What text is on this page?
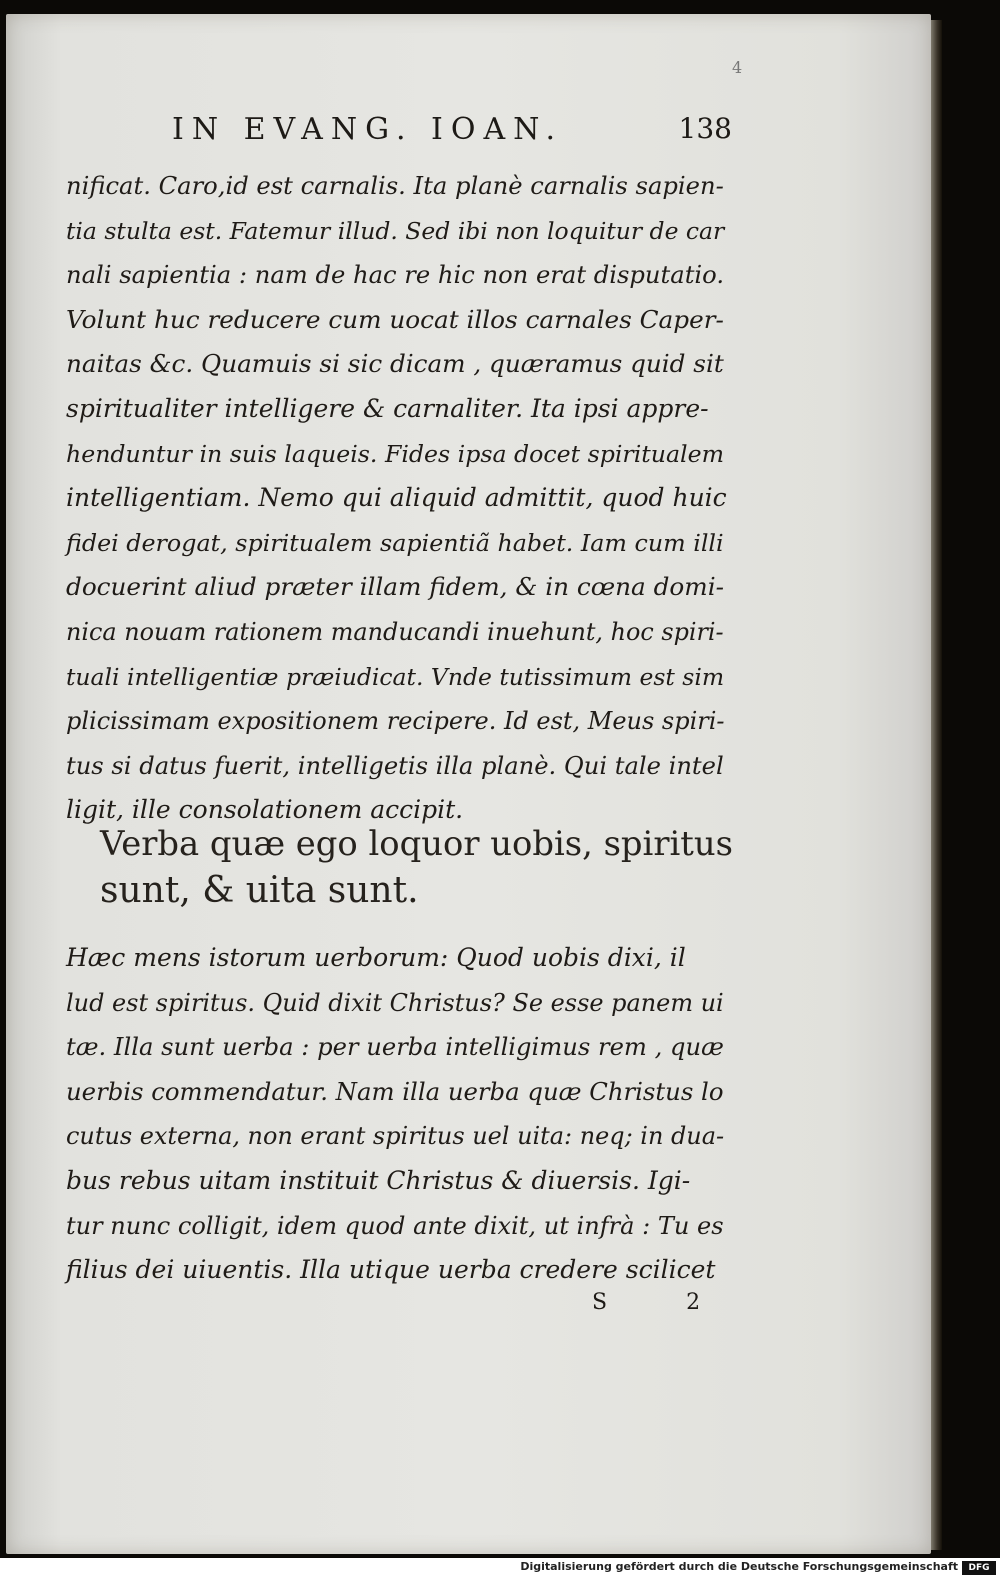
4
IN EVANG. IOAN.	138
nificat. Caro,id est carnalis. Ita planè carnalis sapien-
tia stulta est. Fatemur illud. Sed ibi non loquitur de car
nali sapientia : nam de hac re hic non erat disputatio.
Volunt huc reducere cum uocat illos carnales Caper-
naitas &c. Quamuis si sic dicam , quæramus quid sit
spiritualiter intelligere & carnaliter. Ita ipsi appre-
henduntur in suis laqueis. Fides ipsa docet spiritualem
intelligentiam. Nemo qui aliquid admittit, quod huic
fidei derogat, spiritualem sapientiã habet. Iam cum illi
docuerint aliud præter illam fidem, & in cœna domi-
nica nouam rationem manducandi inuehunt, hoc spiri-
tuali intelligentiæ præiudicat. Vnde tutissimum est sim
plicissimam expositionem recipere. Id est, Meus spiri-
tus si datus fuerit, intelligetis illa planè. Qui tale intel
ligit, ille consolationem accipit.
Verba quæ ego loquor uobis, spiritus
sunt, & uita sunt.
Hæc mens istorum uerborum: Quod uobis dixi, il
lud est spiritus. Quid dixit Christus? Se esse panem ui
tæ. Illa sunt uerba : per uerba intelligimus rem , quæ
uerbis commendatur. Nam illa uerba quæ Christus lo
cutus externa, non erant spiritus uel uita: neq; in dua-
bus rebus uitam instituit Christus & diuersis. Igi-
tur nunc colligit, idem quod ante dixit, ut infrà : Tu es
filius dei uiuentis. Illa utique uerba credere scilicet
S 2
Digitalisierung gefördert durch die Deutsche Forschungsgemeinschaft	DFG
